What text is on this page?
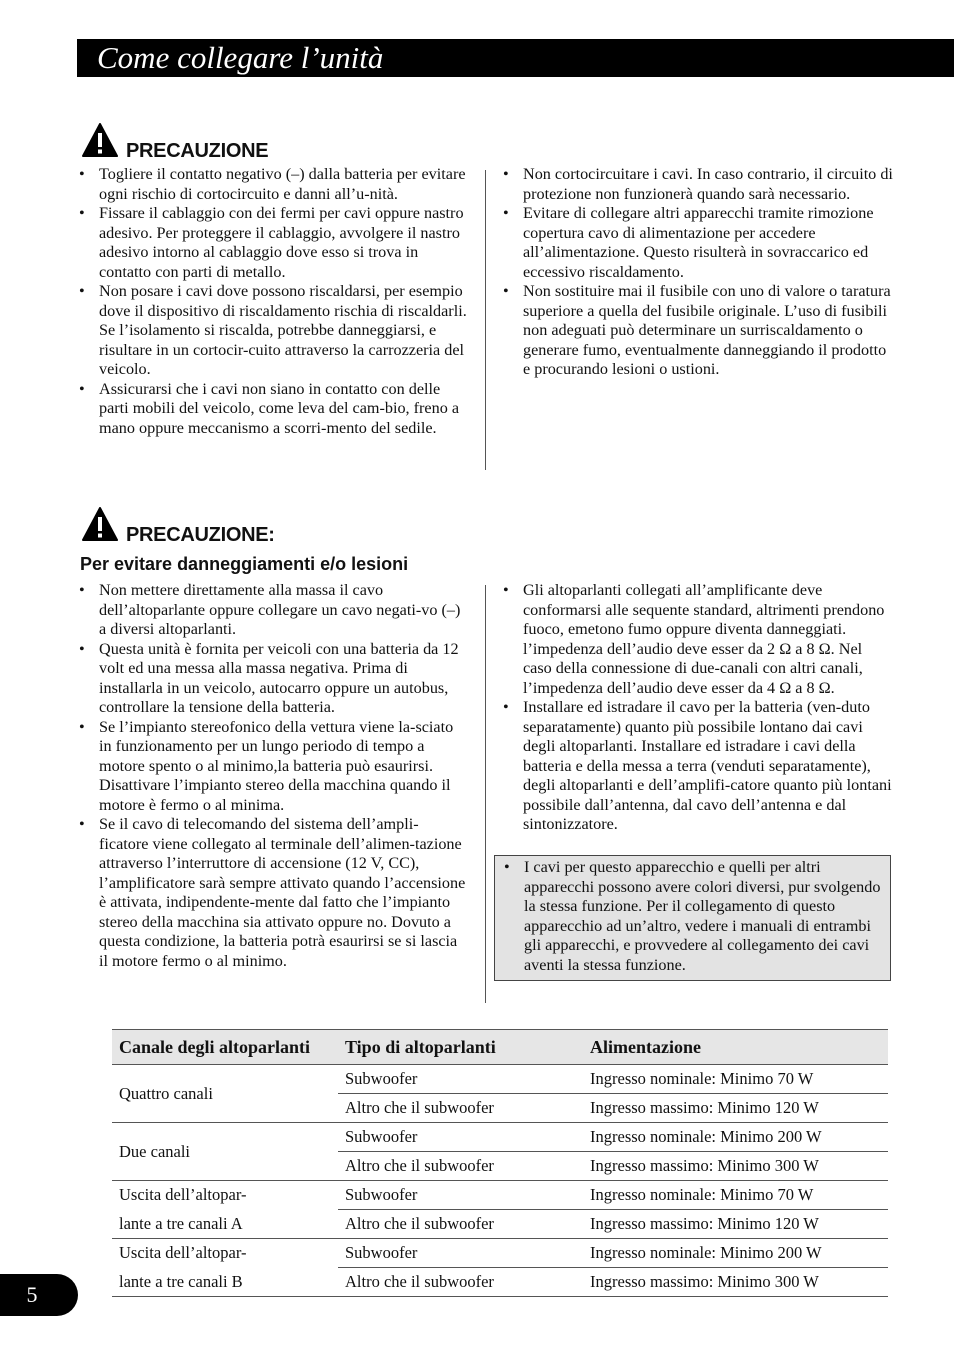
Come collegare l’unità
PRECAUZIONE
• Togliere il contatto negativo (–) dalla batteria per evitare ogni rischio di cortocircuito e danni all’u-nità.
• Fissare il cablaggio con dei fermi per cavi oppure nastro adesivo. Per proteggere il cablaggio, avvolgere il nastro adesivo intorno al cablaggio dove esso si trova in contatto con parti di metallo.
• Non posare i cavi dove possono riscaldarsi, per esempio dove il dispositivo di riscaldamento rischia di riscaldarli. Se l’isolamento si riscalda, potrebbe danneggiarsi, e risultare in un cortocir-cuito attraverso la carrozzeria del veicolo.
• Assicurarsi che i cavi non siano in contatto con delle parti mobili del veicolo, come leva del cam-bio, freno a mano oppure meccanismo a scorri-mento del sedile.
• Non cortocircuitare i cavi. In caso contrario, il circuito di protezione non funzionerà quando sarà necessario.
• Evitare di collegare altri apparecchi tramite rimozione copertura cavo di alimentazione per accedere all’alimentazione. Questo risulterà in sovraccarico ed eccessivo riscaldamento.
• Non sostituire mai il fusibile con uno di valore o taratura superiore a quella del fusibile originale. L’uso di fusibili non adeguati può determinare un surriscaldamento o generare fumo, eventualmente danneggiando il prodotto e procurando lesioni o ustioni.
PRECAUZIONE:
Per evitare danneggiamenti e/o lesioni
• Non mettere direttamente alla massa il cavo dell’altoparlante oppure collegare un cavo negati-vo (–) a diversi altoparlanti.
• Questa unità è fornita per veicoli con una batteria da 12 volt ed una messa alla massa negativa. Prima di installarla in un veicolo, autocarro oppure un autobus, controllare la tensione della batteria.
• Se l’impianto stereofonico della vettura viene la-sciato in funzionamento per un lungo periodo di tempo a motore spento o al minimo,la batteria può esaurirsi. Disattivare l’impianto stereo della macchina quando il motore è fermo o al minima.
• Se il cavo di telecomando del sistema dell’ampli-ficatore viene collegato al terminale dell’alimen-tazione attraverso l’interruttore di accensione (12 V, CC), l’amplificatore sarà sempre attivato quando l’accensione è attivata, indipendente-mente dal fatto che l’impianto stereo della macchina sia attivato oppure no. Dovuto a questa condizione, la batteria potrà esaurirsi se si lascia il motore fermo o al minimo.
• Gli altoparlanti collegati all’amplificante deve conformarsi alle sequente standard, altrimenti prendono fuoco, emetono fumo oppure diventa danneggiati. l’impedenza dell’audio deve esser da 2 Ω a 8 Ω. Nel caso della connessione di due-canali con altri canali, l’impedenza dell’audio deve esser da 4 Ω a 8 Ω.
• Installare ed istradare il cavo per la batteria (ven-duto separatamente) quanto più possibile lontano dai cavi degli altoparlanti. Installare ed istradare i cavi della batteria e della messa a terra (venduti separatamente), degli altoparlanti e dell’amplifi-catore quanto più lontani possibile dall’antenna, dal cavo dell’antenna e dal sintonizzatore.
• I cavi per questo apparecchio e quelli per altri apparecchi possono avere colori diversi, pur svolgendo la stessa funzione. Per il collegamento di questo apparecchio ad un’altro, vedere i manuali di entrambi gli apparecchi, e provvedere al collegamento dei cavi aventi la stessa funzione.
Canale degli altoparlanti	Tipo di altoparlanti	Alimentazione
Quattro canali	Subwoofer	Ingresso nominale: Minimo 70 W
	Altro che il subwoofer	Ingresso massimo: Minimo 120 W
Due canali	Subwoofer	Ingresso nominale: Minimo 200 W
	Altro che il subwoofer	Ingresso massimo: Minimo 300 W
Uscita dell’altopar-	Subwoofer	Ingresso nominale: Minimo 70 W
lante a tre canali A	Altro che il subwoofer	Ingresso massimo: Minimo 120 W
Uscita dell’altopar-	Subwoofer	Ingresso nominale: Minimo 200 W
lante a tre canali B	Altro che il subwoofer	Ingresso massimo: Minimo 300 W
5
